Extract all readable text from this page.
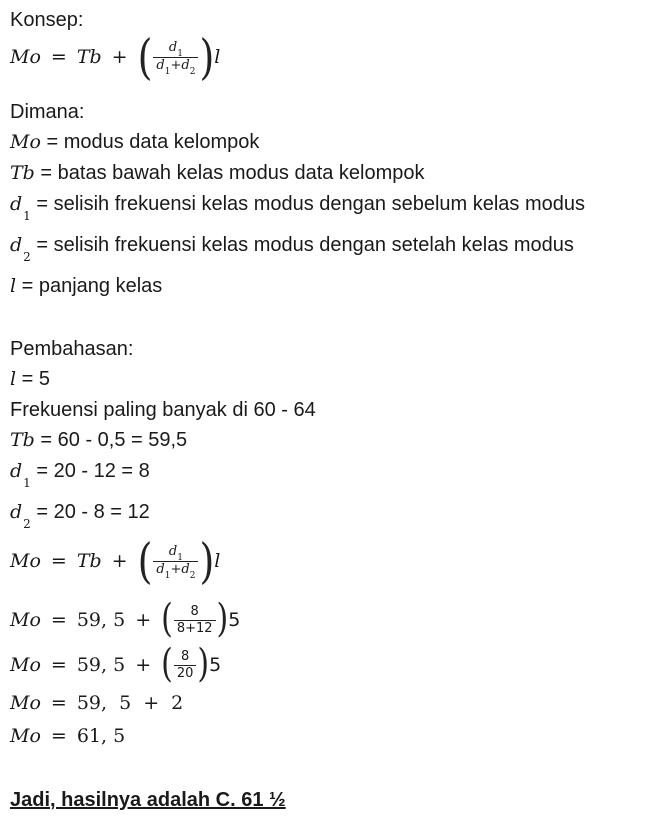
Konsep:
Mo = Tb + ( $\frac{d_1}{d_1+d_2}$ ) l
Dimana:
Mo = modus data kelompok
Tb = batas bawah kelas modus data kelompok
$d_1$ = selisih frekuensi kelas modus dengan sebelum kelas modus
$d_2$ = selisih frekuensi kelas modus dengan setelah kelas modus
l = panjang kelas
Pembahasan:
l = 5
Frekuensi paling banyak di 60 - 64
Tb = 60 - 0,5 = 59,5
$d_1 = 20 - 12 = 8$
$d_2 = 20 - 8 = 12$
Mo = Tb + ( $\frac{d_1}{d_1+d_2}$ ) l
Mo = 59, 5 + ( $\frac{8}{8+12}$ ) 5
Mo = 59, 5 + ( $\frac{8}{20}$ ) 5
Mo = 59, 5 + 2
Mo = 61, 5
Jadi, hasilnya adalah C. 61 ½
